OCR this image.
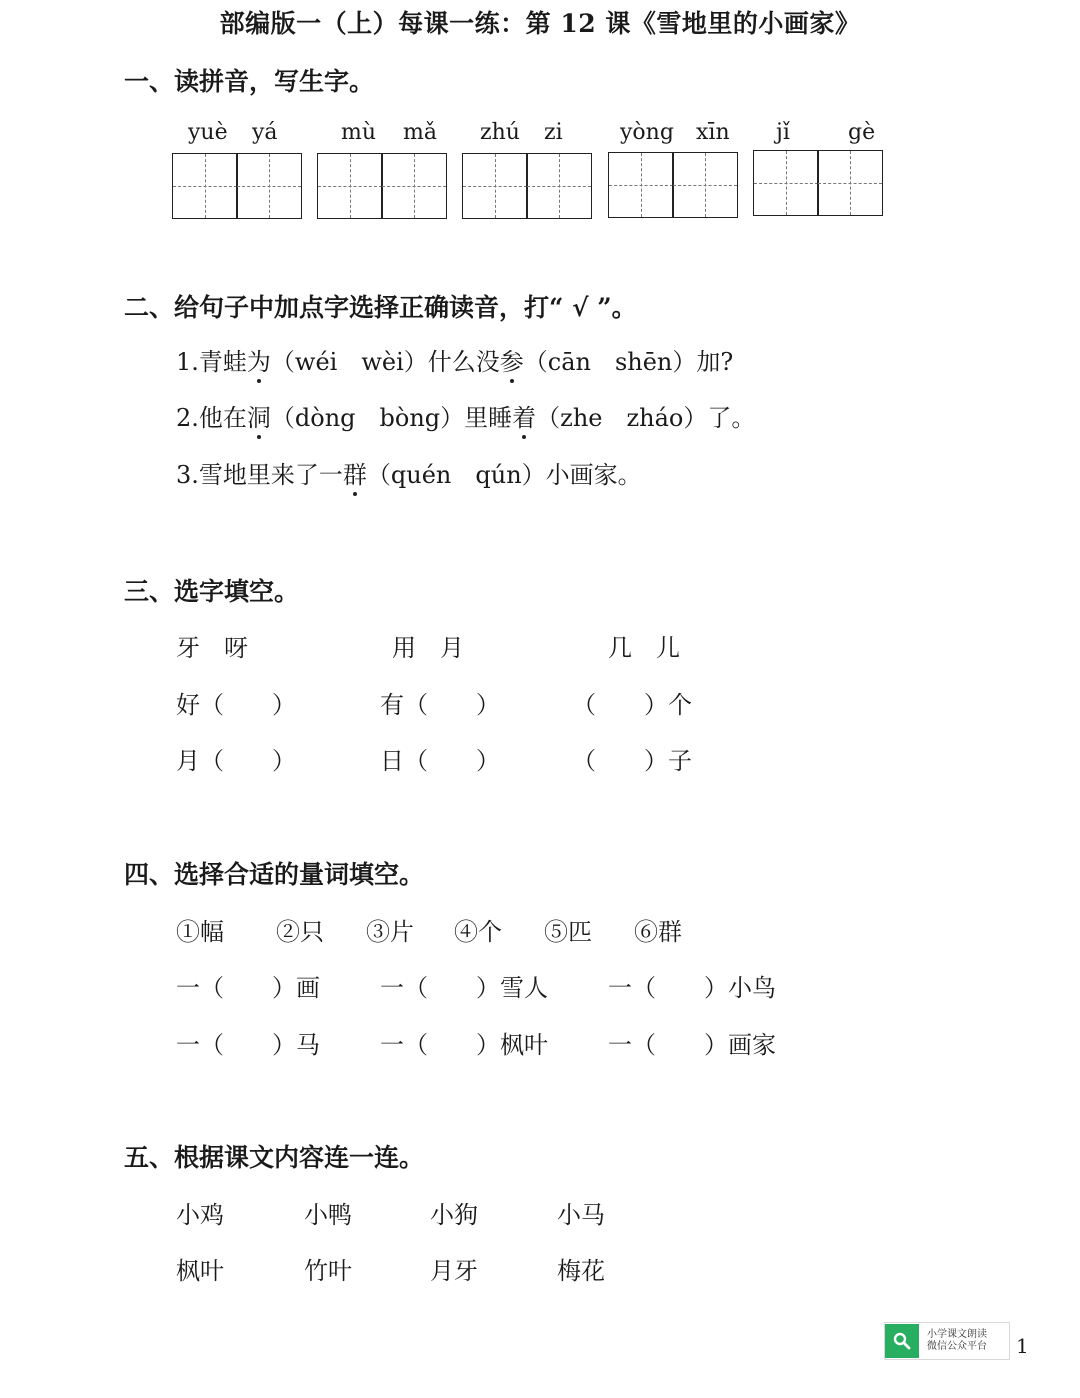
部编版一（上）每课一练：第 12 课《雪地里的小画家》
一、读拼音，写生字。
yuè yá	mù mǎ zhú zi	yòng xīn jǐ	gè
二、给句子中加点字选择正确读音，打“ √ ”。
1.青蛙为（wéi　wèi）什么没参（cān　shēn）加?
2.他在洞（dòng　bòng）里睡着（zhe　zháo）了。
3.雪地里来了一群（quén　qún）小画家。
三、选字填空。
牙　呀	用　月	几　儿
好（　　）	有（　　）	（　　）个
月（　　）	日（　　）	（　　）子
四、选择合适的量词填空。
①幅 ②只 ③片 ④个 ⑤匹 ⑥群
一（　　）画	一（　　）雪人	一（　　）小鸟
一（　　）马	一（　　）枫叶	一（　　）画家
五、根据课文内容连一连。
小鸡	小鸭	小狗	小马
枫叶	竹叶	月牙	梅花
小学课文朗读
微信公众平台 1
